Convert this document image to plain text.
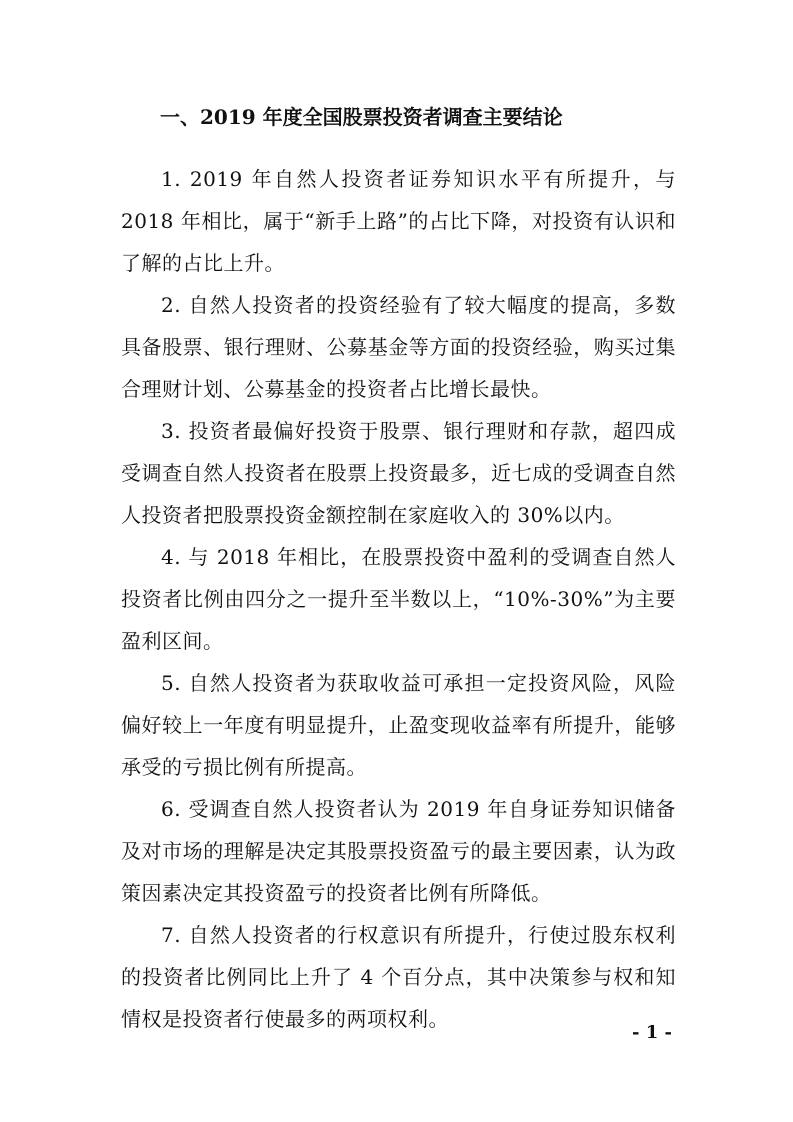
一、2019 年度全国股票投资者调查主要结论

1. 2019 年自然人投资者证券知识水平有所提升，与 2018 年相比，属于“新手上路”的占比下降，对投资有认识和了解的占比上升。

2. 自然人投资者的投资经验有了较大幅度的提高，多数具备股票、银行理财、公募基金等方面的投资经验，购买过集合理财计划、公募基金的投资者占比增长最快。

3. 投资者最偏好投资于股票、银行理财和存款，超四成受调查自然人投资者在股票上投资最多，近七成的受调查自然人投资者把股票投资金额控制在家庭收入的 30%以内。

4. 与 2018 年相比，在股票投资中盈利的受调查自然人投资者比例由四分之一提升至半数以上，“10%-30%”为主要盈利区间。

5. 自然人投资者为获取收益可承担一定投资风险，风险偏好较上一年度有明显提升，止盈变现收益率有所提升，能够承受的亏损比例有所提高。

6. 受调查自然人投资者认为 2019 年自身证券知识储备及对市场的理解是决定其股票投资盈亏的最主要因素，认为政策因素决定其投资盈亏的投资者比例有所降低。

7. 自然人投资者的行权意识有所提升，行使过股东权利的投资者比例同比上升了 4 个百分点，其中决策参与权和知情权是投资者行使最多的两项权利。

- 1 -
